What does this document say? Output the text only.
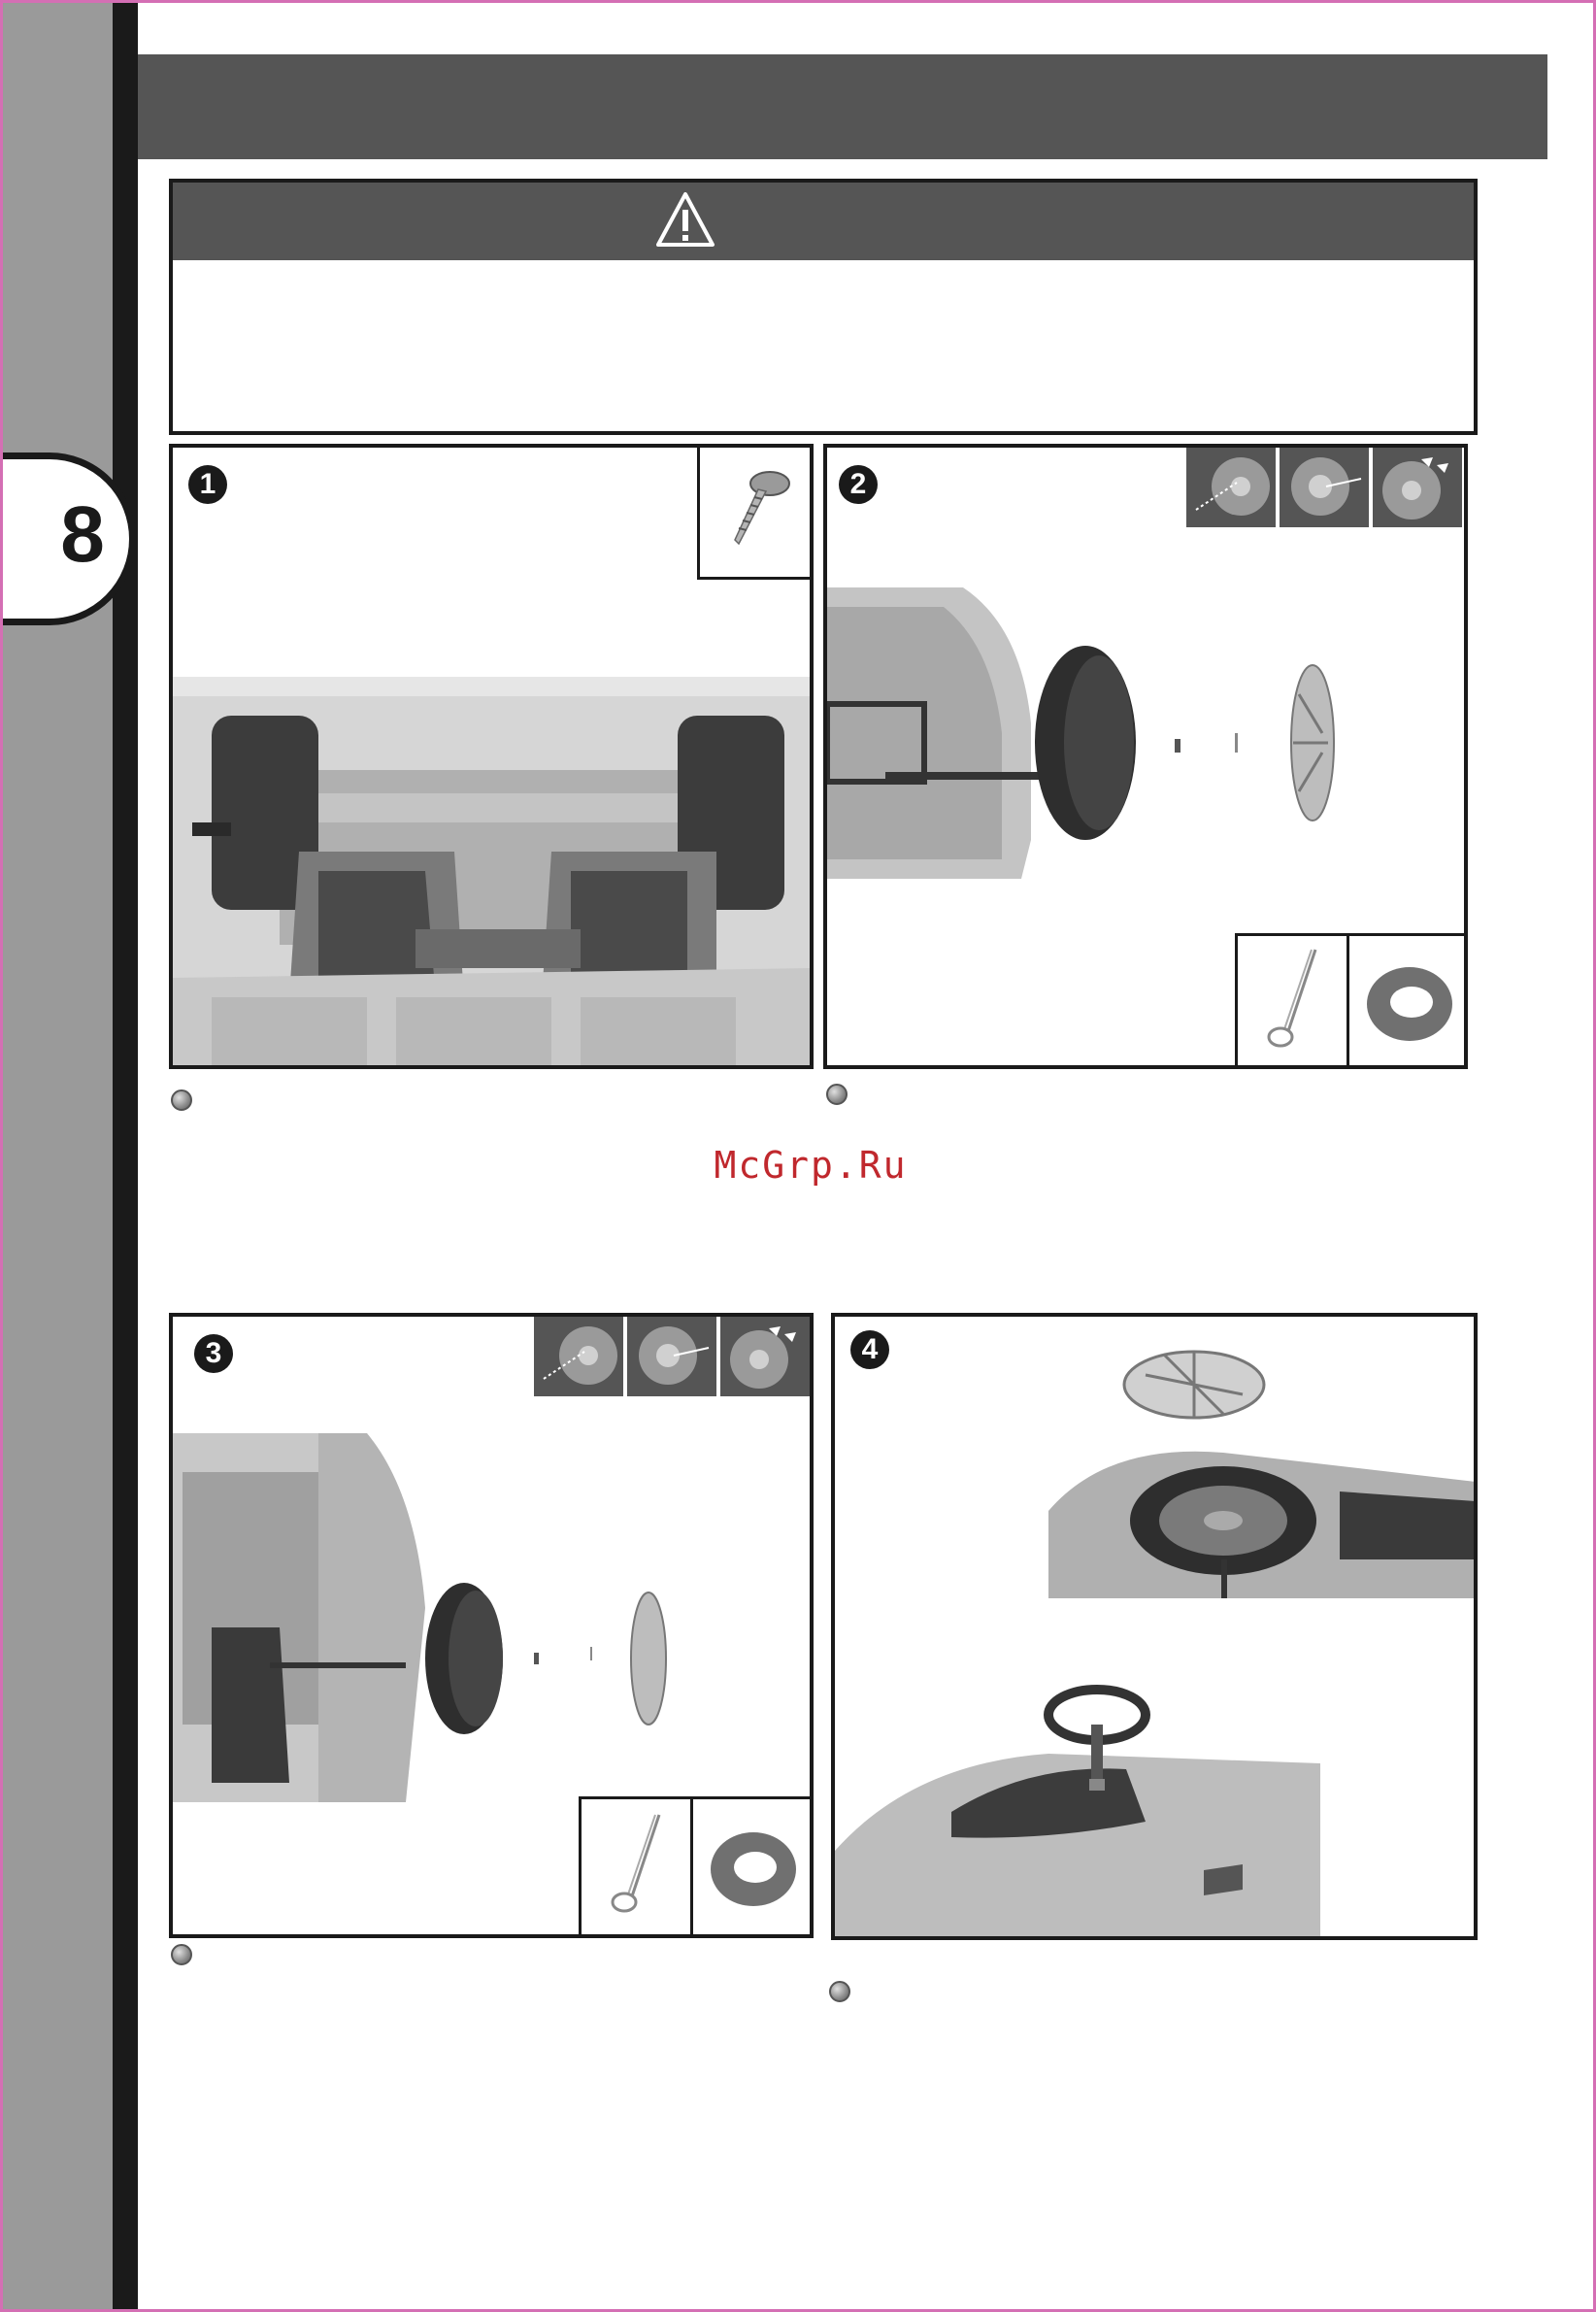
8
1	2
McGrp.Ru
3	4
